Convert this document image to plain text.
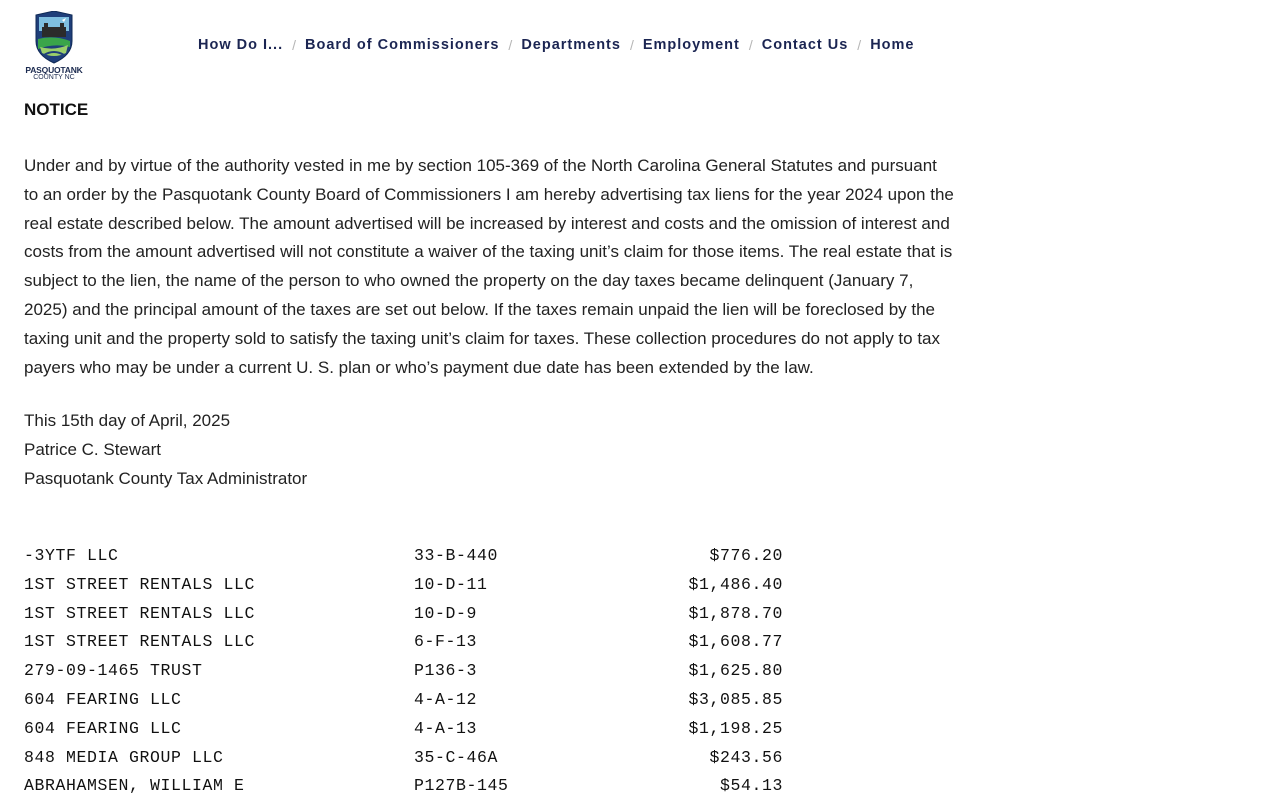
PASQUOTANK
COUNTY NC
How Do I... / Board of Commissioners / Departments / Employment / Contact Us / Home
NOTICE

Under and by virtue of the authority vested in me by section 105-369 of the North Carolina General Statutes and pursuant to an order by the Pasquotank County Board of Commissioners I am hereby advertising tax liens for the year 2024 upon the real estate described below. The amount advertised will be increased by interest and costs and the omission of interest and costs from the amount advertised will not constitute a waiver of the taxing unit’s claim for those items. The real estate that is subject to the lien, the name of the person to who owned the property on the day taxes became delinquent (January 7, 2025) and the principal amount of the taxes are set out below. If the taxes remain unpaid the lien will be foreclosed by the taxing unit and the property sold to satisfy the taxing unit’s claim for taxes. These collection procedures do not apply to tax payers who may be under a current U. S. plan or who’s payment due date has been extended by the law.

This 15th day of April, 2025
Patrice C. Stewart
Pasquotank County Tax Administrator
-3YTF LLC	33-B-440	$776.20
1ST STREET RENTALS LLC	10-D-11	$1,486.40
1ST STREET RENTALS LLC	10-D-9	$1,878.70
1ST STREET RENTALS LLC	6-F-13	$1,608.77
279-09-1465 TRUST	P136-3	$1,625.80
604 FEARING LLC	4-A-12	$3,085.85
604 FEARING LLC	4-A-13	$1,198.25
848 MEDIA GROUP LLC	35-C-46A	$243.56
ABRAHAMSEN, WILLIAM E	P127B-145	$54.13
